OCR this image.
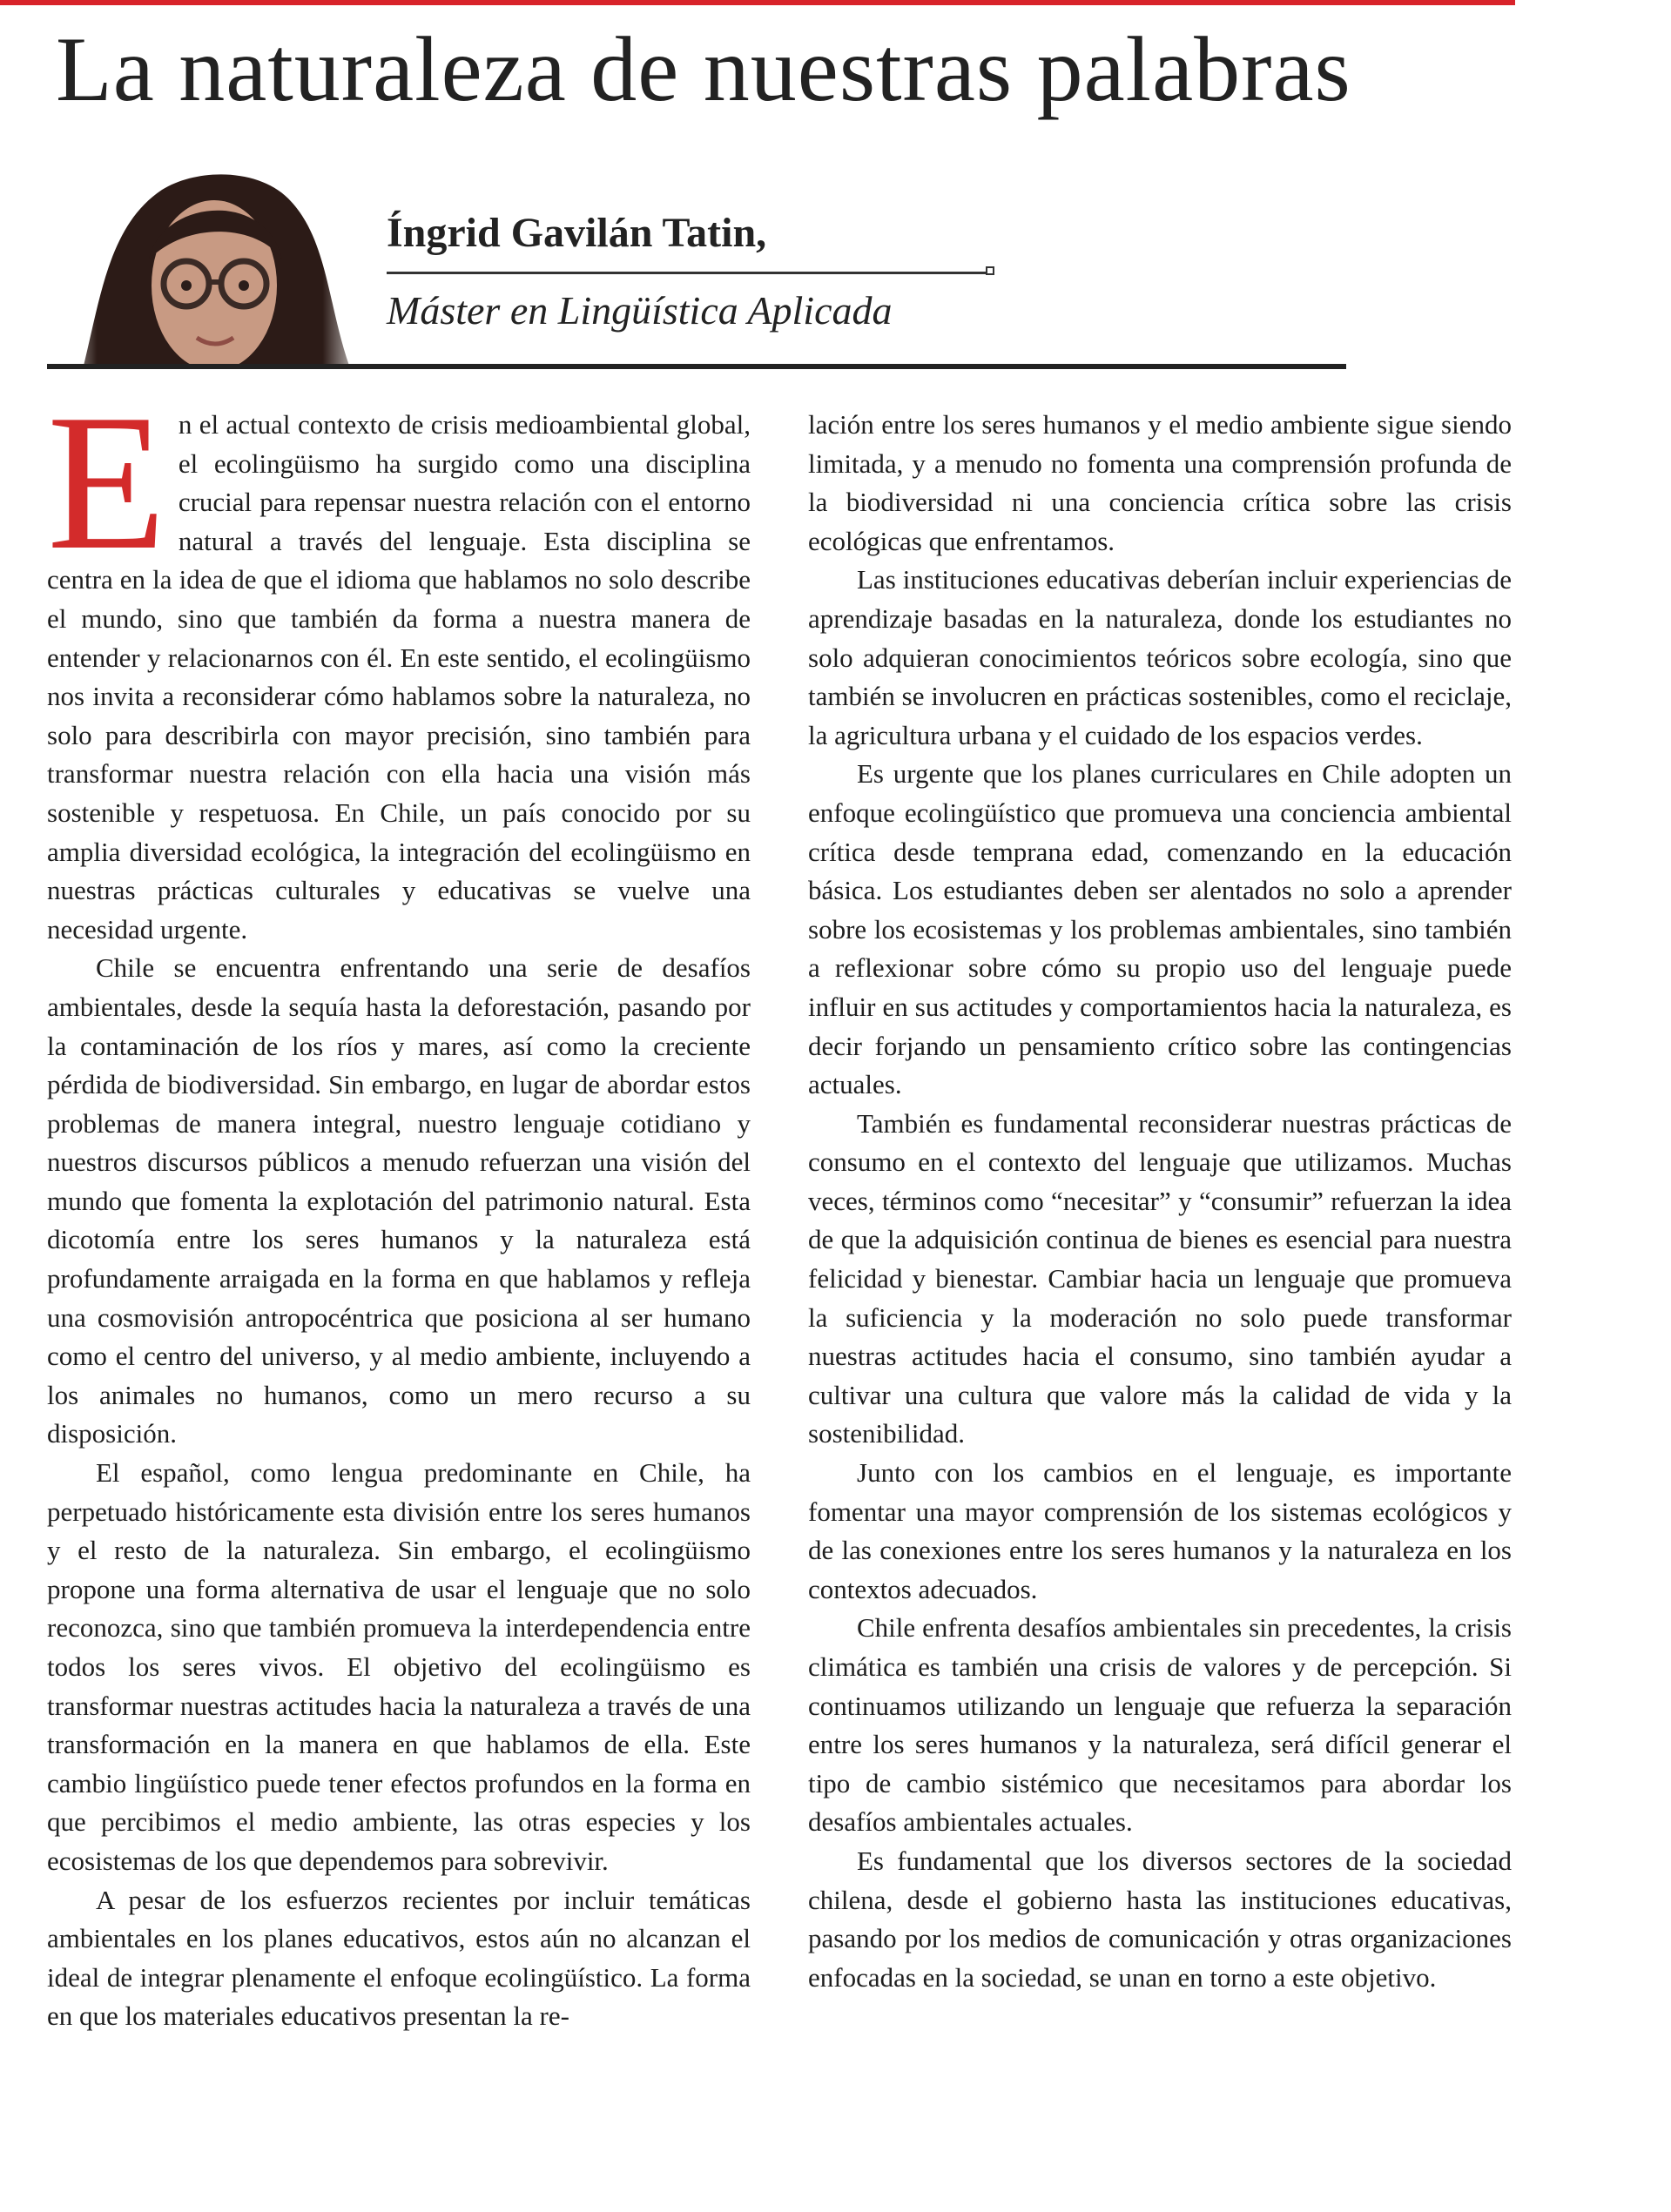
La naturaleza de nuestras palabras
Íngrid Gavilán Tatin,
Máster en Lingüística Aplicada

En el actual contexto de crisis medioambiental global, el ecolingüismo ha surgido como una disciplina crucial para repensar nuestra relación con el entorno natural a través del lenguaje. Esta disciplina se centra en la idea de que el idioma que hablamos no solo describe el mundo, sino que también da forma a nuestra manera de entender y relacionarnos con él. En este sentido, el ecolingüismo nos invita a reconsiderar cómo hablamos sobre la naturaleza, no solo para describirla con mayor precisión, sino también para transformar nuestra relación con ella hacia una visión más sostenible y respetuosa. En Chile, un país conocido por su amplia diversidad ecológica, la integración del ecolingüismo en nuestras prácticas culturales y educativas se vuelve una necesidad urgente.

Chile se encuentra enfrentando una serie de desafíos ambientales, desde la sequía hasta la deforestación, pasando por la contaminación de los ríos y mares, así como la creciente pérdida de biodiversidad. Sin embargo, en lugar de abordar estos problemas de manera integral, nuestro lenguaje cotidiano y nuestros discursos públicos a menudo refuerzan una visión del mundo que fomenta la explotación del patrimonio natural. Esta dicotomía entre los seres humanos y la naturaleza está profundamente arraigada en la forma en que hablamos y refleja una cosmovisión antropocéntrica que posiciona al ser humano como el centro del universo, y al medio ambiente, incluyendo a los animales no humanos, como un mero recurso a su disposición.

El español, como lengua predominante en Chile, ha perpetuado históricamente esta división entre los seres humanos y el resto de la naturaleza. Sin embargo, el ecolingüismo propone una forma alternativa de usar el lenguaje que no solo reconozca, sino que también promueva la interdependencia entre todos los seres vivos. El objetivo del ecolingüismo es transformar nuestras actitudes hacia la naturaleza a través de una transformación en la manera en que hablamos de ella. Este cambio lingüístico puede tener efectos profundos en la forma en que percibimos el medio ambiente, las otras especies y los ecosistemas de los que dependemos para sobrevivir.

A pesar de los esfuerzos recientes por incluir temáticas ambientales en los planes educativos, estos aún no alcanzan el ideal de integrar plenamente el enfoque ecolingüístico. La forma en que los materiales educativos presentan la re-

lación entre los seres humanos y el medio ambiente sigue siendo limitada, y a menudo no fomenta una comprensión profunda de la biodiversidad ni una conciencia crítica sobre las crisis ecológicas que enfrentamos.

Las instituciones educativas deberían incluir experiencias de aprendizaje basadas en la naturaleza, donde los estudiantes no solo adquieran conocimientos teóricos sobre ecología, sino que también se involucren en prácticas sostenibles, como el reciclaje, la agricultura urbana y el cuidado de los espacios verdes.

Es urgente que los planes curriculares en Chile adopten un enfoque ecolingüístico que promueva una conciencia ambiental crítica desde temprana edad, comenzando en la educación básica. Los estudiantes deben ser alentados no solo a aprender sobre los ecosistemas y los problemas ambientales, sino también a reflexionar sobre cómo su propio uso del lenguaje puede influir en sus actitudes y comportamientos hacia la naturaleza, es decir forjando un pensamiento crítico sobre las contingencias actuales.

También es fundamental reconsiderar nuestras prácticas de consumo en el contexto del lenguaje que utilizamos. Muchas veces, términos como “necesitar” y “consumir” refuerzan la idea de que la adquisición continua de bienes es esencial para nuestra felicidad y bienestar. Cambiar hacia un lenguaje que promueva la suficiencia y la moderación no solo puede transformar nuestras actitudes hacia el consumo, sino también ayudar a cultivar una cultura que valore más la calidad de vida y la sostenibilidad.

Junto con los cambios en el lenguaje, es importante fomentar una mayor comprensión de los sistemas ecológicos y de las conexiones entre los seres humanos y la naturaleza en los contextos adecuados.

Chile enfrenta desafíos ambientales sin precedentes, la crisis climática es también una crisis de valores y de percepción. Si continuamos utilizando un lenguaje que refuerza la separación entre los seres humanos y la naturaleza, será difícil generar el tipo de cambio sistémico que necesitamos para abordar los desafíos ambientales actuales.

Es fundamental que los diversos sectores de la sociedad chilena, desde el gobierno hasta las instituciones educativas, pasando por los medios de comunicación y otras organizaciones enfocadas en la sociedad, se unan en torno a este objetivo.
